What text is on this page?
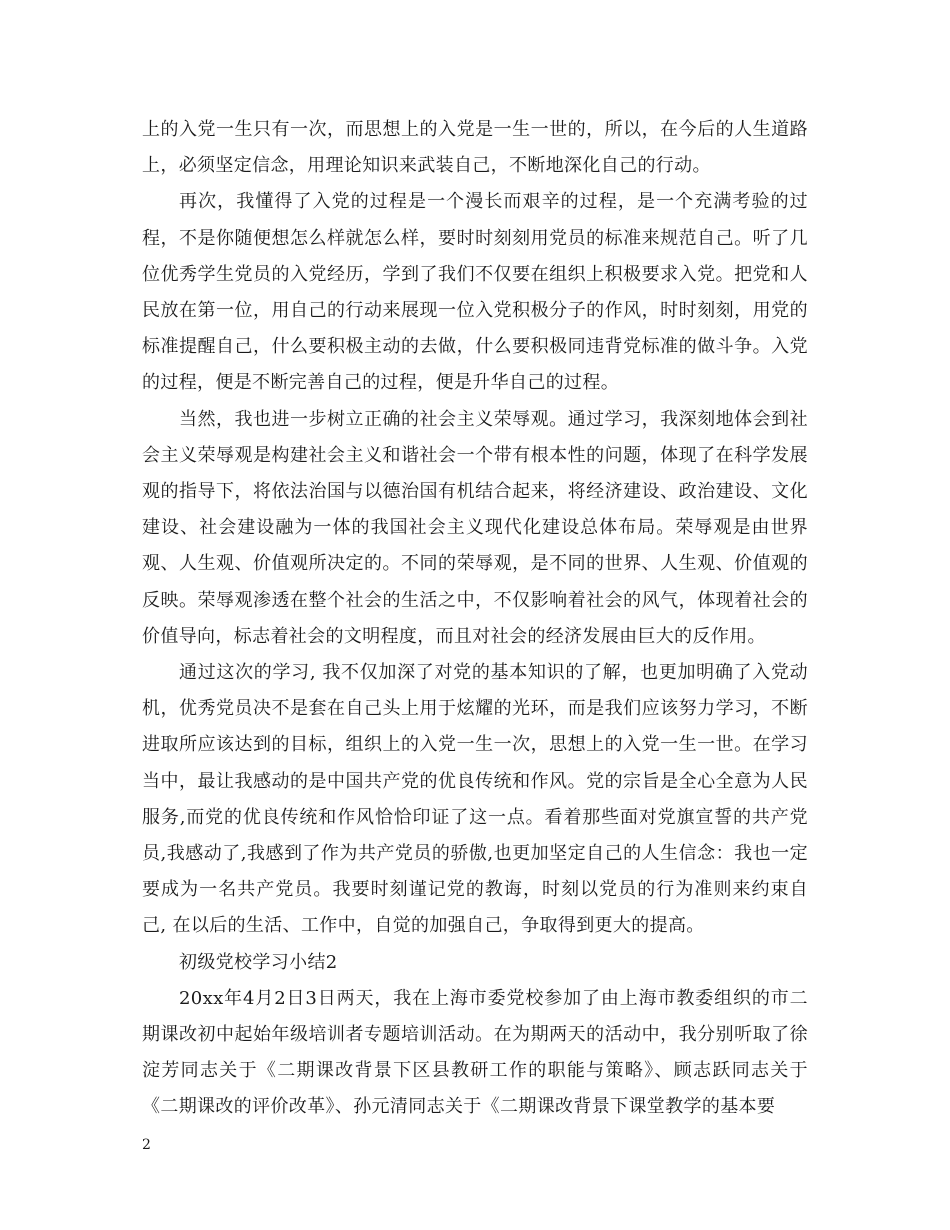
上的入党一生只有一次，而思想上的入党是一生一世的，所以，在今后的人生道路上，必须坚定信念，用理论知识来武装自己，不断地深化自己的行动。

再次，我懂得了入党的过程是一个漫长而艰辛的过程，是一个充满考验的过程，不是你随便想怎么样就怎么样，要时时刻刻用党员的标准来规范自己。听了几位优秀学生党员的入党经历，学到了我们不仅要在组织上积极要求入党。把党和人民放在第一位，用自己的行动来展现一位入党积极分子的作风，时时刻刻，用党的标准提醒自己，什么要积极主动的去做，什么要积极同违背党标准的做斗争。入党的过程，便是不断完善自己的过程，便是升华自己的过程。

当然，我也进一步树立正确的社会主义荣辱观。通过学习，我深刻地体会到社会主义荣辱观是构建社会主义和谐社会一个带有根本性的问题，体现了在科学发展观的指导下，将依法治国与以德治国有机结合起来，将经济建设、政治建设、文化建设、社会建设融为一体的我国社会主义现代化建设总体布局。荣辱观是由世界观、人生观、价值观所决定的。不同的荣辱观，是不同的世界、人生观、价值观的反映。荣辱观渗透在整个社会的生活之中，不仅影响着社会的风气，体现着社会的价值导向，标志着社会的文明程度，而且对社会的经济发展由巨大的反作用。

通过这次的学习, 我不仅加深了对党的基本知识的了解，也更加明确了入党动机，优秀党员决不是套在自己头上用于炫耀的光环，而是我们应该努力学习，不断进取所应该达到的目标，组织上的入党一生一次，思想上的入党一生一世。在学习当中，最让我感动的是中国共产党的优良传统和作风。党的宗旨是全心全意为人民服务,而党的优良传统和作风恰恰印证了这一点。看着那些面对党旗宣誓的共产党员,我感动了,我感到了作为共产党员的骄傲,也更加坚定自己的人生信念：我也一定要成为一名共产党员。我要时刻谨记党的教诲，时刻以党员的行为准则来约束自己, 在以后的生活、工作中，自觉的加强自己，争取得到更大的提高。

初级党校学习小结2

20xx年4月2日3日两天，我在上海市委党校参加了由上海市教委组织的市二期课改初中起始年级培训者专题培训活动。在为期两天的活动中，我分别听取了徐淀芳同志关于《二期课改背景下区县教研工作的职能与策略》、顾志跃同志关于《二期课改的评价改革》、孙元清同志关于《二期课改背景下课堂教学的基本要

2
